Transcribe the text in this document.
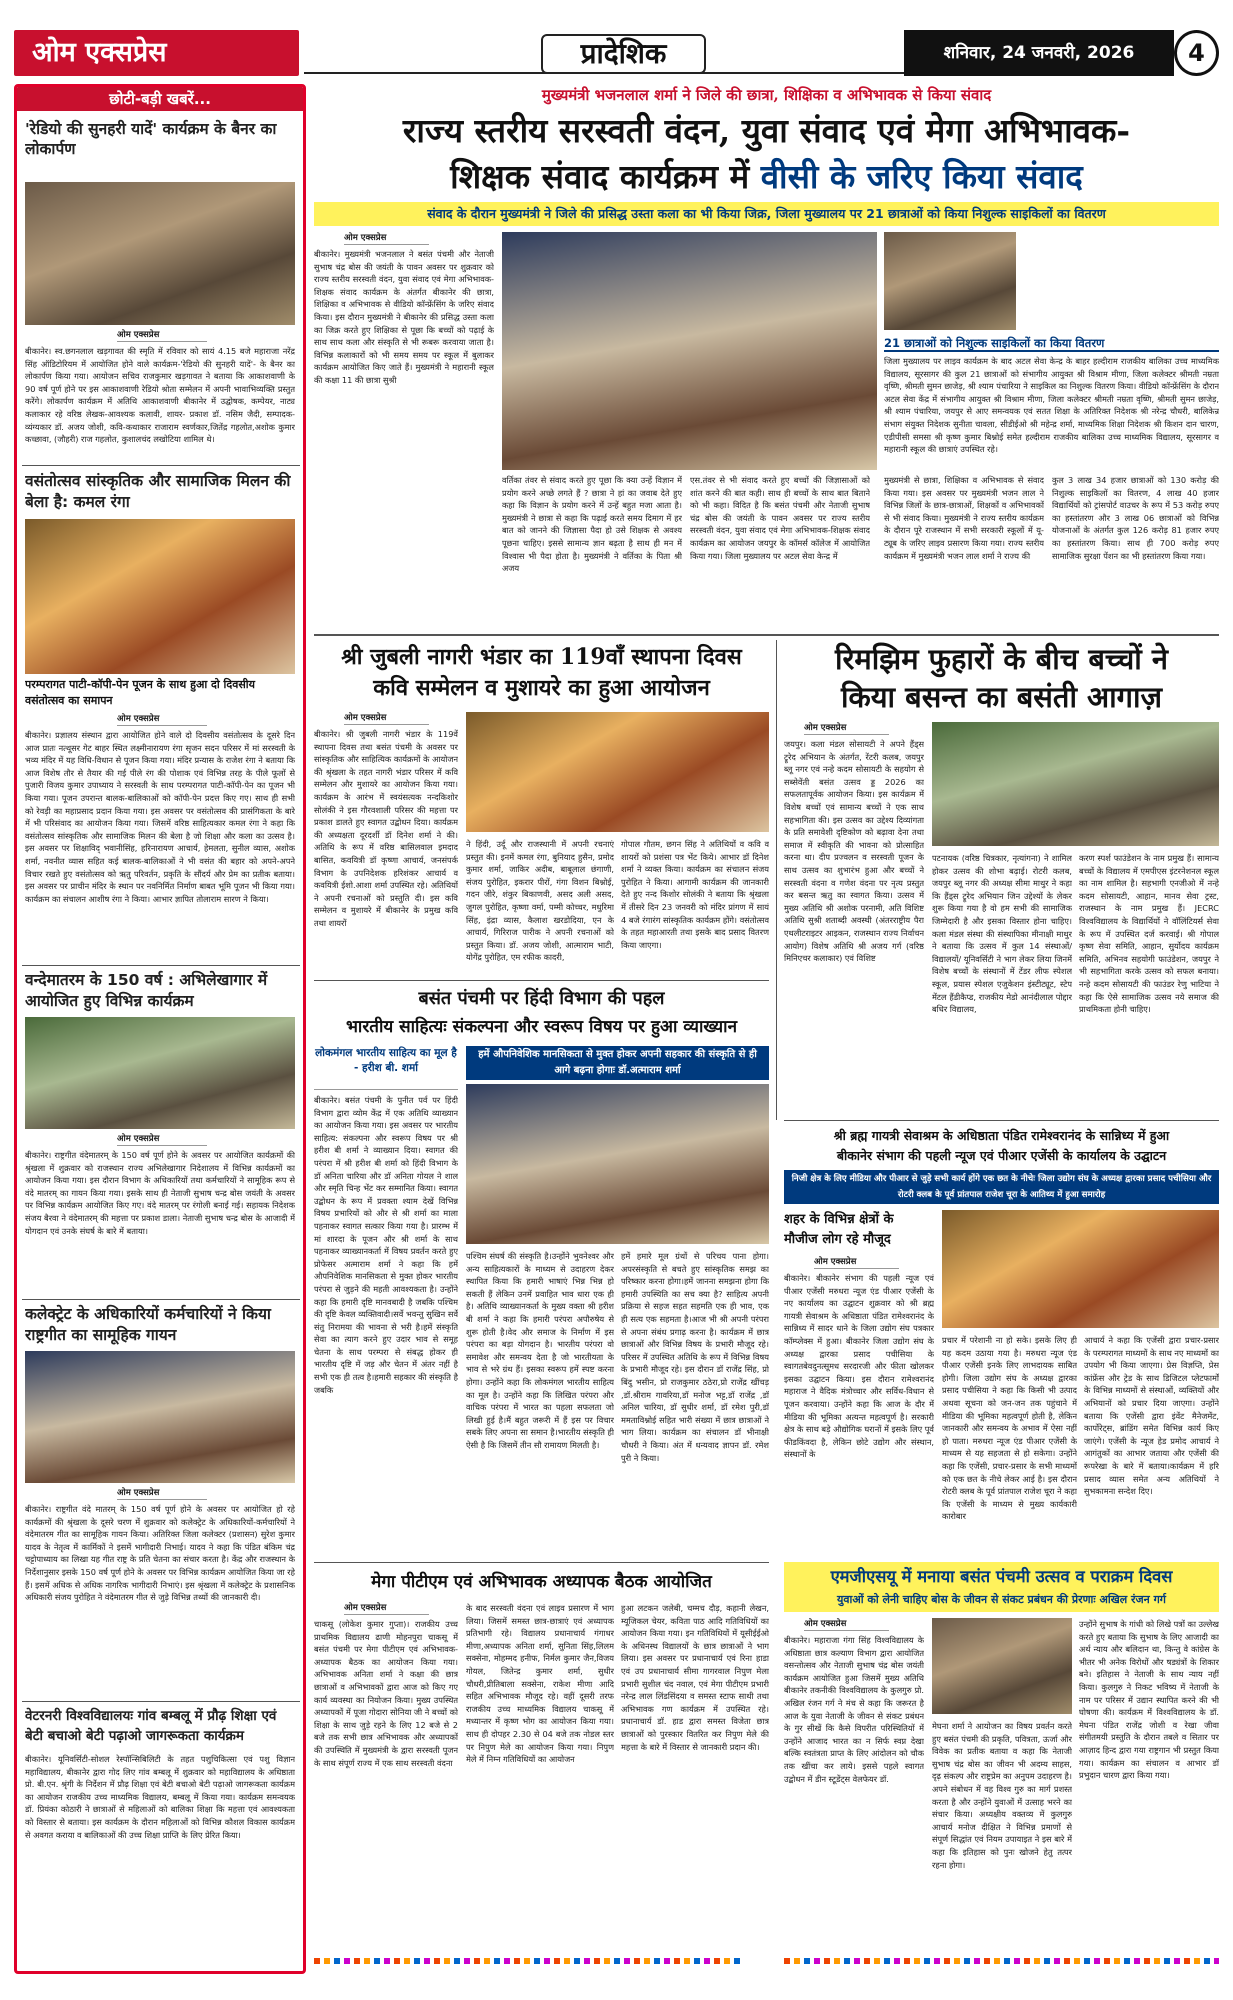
ओम एक्सप्रेस	प्रादेशिक	शनिवार, 24 जनवरी, 2026	4
छोटी-बड़ी खबरें...
'रेडियो की सुनहरी यादें' कार्यक्रम के बैनर का लोकार्पण
ओम एक्सप्रेस
बीकानेर। स्व.छगनलाल खड़गावत की स्मृति में रविवार को सायं 4.15 बजे महाराजा नरेंद्र सिंह ऑडिटोरियम में आयोजित होने वाले कार्यक्रम-'रेडियो की सुनहरी यादें'- के बैनर का लोकार्पण किया गया। आयोजन सचिव राजकुमार खड़गावत ने बताया कि आकाशवाणी के 90 वर्ष पूर्ण होने पर इस आकाशवाणी रेडियो श्रोता सम्मेलन में अपनी भावाभिव्यक्ति प्रस्तुत करेंगे। लोकार्पण कार्यक्रम में अतिथि आकाशवाणी बीकानेर में उद्घोषक, कम्पेयर, नाट्य कलाकार रहे वरिष्ठ लेखक-आवश्यक कलावी, शायर- प्रकाश डॉ. नसिम जैदी, सम्पादक-व्यंग्यकार डॉ. अजय जोशी, कवि-कथाकार राजाराम स्वर्णकार,जितेंद्र गहलोत,अशोक कुमार कच्छावा, (जौहरी) राज गहलोत, कुशालचंद लखोटिया शामिल थे।
वसंतोत्सव सांस्कृतिक और सामाजिक मिलन की बेला है: कमल रंगा
परम्परागत पाटी-कॉपी-पेन पूजन के साथ हुआ दो दिवसीय वसंतोत्सव का समापन
ओम एक्सप्रेस
बीकानेर। प्रज्ञालय संस्थान द्वारा आयोजित होने वाले दो दिवसीय वसंतोत्सव के दूसरे दिन आज प्रातः नत्थूसर गेट बाहर स्थित लक्ष्मीनारायण रंगा सृजन सदन परिसर में मां सरस्वती के भव्य मंदिर में यह विधि-विधान से पूजन किया गया। मंदिर प्रन्यास के राजेश रंगा ने बताया कि आज विशेष तौर से तैयार की गई पीले रंग की पोशाक एवं विभिन्न तरह के पीले फूलों से पुजारी विजय कुमार उपाध्याय ने सरस्वती के साथ परम्परागत पाटी-कॉपी-पेन का पूजन भी किया गया। पूजन उपरान्त बालक-बालिकाओं को कॉपी-पेन प्रदत्त किए गए। साथ ही सभी को रेवड़ी का महाप्रसाद प्रदान किया गया। इस अवसर पर वसंतोत्सव की प्रासंगिकता के बारे में भी परिसंवाद का आयोजन किया गया। जिसमें वरिष्ठ साहित्यकार कमल रंगा ने कहा कि वसंतोत्सव सांस्कृतिक और सामाजिक मिलन की बेला है जो शिक्षा और कला का उत्सव है। इस अवसर पर शिक्षाविद् भवानीसिंह, हरिनारायण आचार्य, हेमलता, सुनील व्यास, अशोक शर्मा, नवनीत व्यास सहित कई बालक-बालिकाओं ने भी वसंत की बहार को अपने-अपने विचार रखते हुए वसंतोत्सव को ऋतु परिवर्तन, प्रकृति के सौंदर्य और प्रेम का प्रतीक बताया। इस अवसर पर प्राचीन मंदिर के स्थान पर नवनिर्मित निर्माण बाबत भूमि पूजन भी किया गया। कार्यक्रम का संचालन आशीष रंगा ने किया। आभार ज्ञापित तोलाराम सारण ने किया।
वन्देमातरम के 150 वर्ष : अभिलेखागार में आयोजित हुए विभिन्न कार्यक्रम
ओम एक्सप्रेस
बीकानेर। राष्ट्रगीत वंदेमातरम् के 150 वर्ष पूर्ण होने के अवसर पर आयोजित कार्यक्रमों की श्रृंखला में शुक्रवार को राजस्थान राज्य अभिलेखागार निदेशालय में विभिन्न कार्यक्रमों का आयोजन किया गया। इस दौरान विभाग के अधिकारियों तथा कर्मचारियों ने सामूहिक रूप से वंदे मातरम् का गायन किया गया। इसके साथ ही नेताजी सुभाष चन्द्र बोस जयंती के अवसर पर विभिन्न कार्यक्रम आयोजित किए गए। वंदे मातरम् पर रंगोली बनाई गई। सहायक निदेशक संजय बैरवा ने वंदेमातरम् की महत्ता पर प्रकाश डाला। नेताजी सुभाष चन्द्र बोस के आजादी में योगदान एवं उनके संघर्ष के बारे में बताया।
कलेक्ट्रेट के अधिकारियों कर्मचारियों ने किया राष्ट्रगीत का सामूहिक गायन
ओम एक्सप्रेस
बीकानेर। राष्ट्रगीत वंदे मातरम् के 150 वर्ष पूर्ण होने के अवसर पर आयोजित हो रहे कार्यक्रमों की श्रृंखला के दूसरे चरण में शुक्रवार को कलेक्ट्रेट के अधिकारियों-कर्मचारियों ने वंदेमातरम गीत का सामूहिक गायन किया। अतिरिक्त जिला कलेक्टर (प्रशासन) सुरेश कुमार यादव के नेतृत्व में कार्मिकों ने इसमें भागीदारी निभाई। यादव ने कहा कि पंडित बंकिम चंद्र चट्टोपाध्याय का लिखा यह गीत राष्ट्र के प्रति चेतना का संचार करता है। केंद्र और राजस्थान के निर्देशानुसार इसके 150 वर्ष पूर्ण होने के अवसर पर विभिन्न कार्यक्रम आयोजित किया जा रहे हैं। इसमें अधिक से अधिक नागरिक भागीदारी निभाएं। इस श्रृंखला में कलेक्ट्रेट के प्रशासनिक अधिकारी संजय पुरोहित ने वंदेमातरम गीत से जुड़े विभिन्न तथ्यों की जानकारी दी।
वेटरनरी विश्वविद्यालयः गांव बम्बलू में प्रौढ़ शिक्षा एवं बेटी बचाओ बेटी पढ़ाओ जागरूकता कार्यक्रम
बीकानेर। यूनिवर्सिटी-सोशल रेस्पॉन्सिबिलिटी के तहत पशुचिकित्सा एवं पशु विज्ञान महाविद्यालय, बीकानेर द्वारा गोद लिए गांव बम्बलू में शुक्रवार को महाविद्यालय के अधिष्ठाता प्रो. बी.एन. श्रृंगी के निर्देशन में प्रौढ़ शिक्षा एवं बेटी बचाओ बेटी पढ़ाओ जागरूकता कार्यक्रम का आयोजन राजकीय उच्च माध्यमिक विद्यालय, बम्बलू में किया गया। कार्यक्रम समन्वयक डॉ. प्रियंका कोठारी ने छात्राओं से महिलाओं को बालिका शिक्षा कि महत्ता एवं आवश्यकता को विस्तार से बताया। इस कार्यक्रम के दौरान महिलाओं को विभिन्न कौशल विकास कार्यक्रम से अवगत कराया व बालिकाओं की उच्च शिक्षा प्राप्ति के लिए प्रेरित किया।
मुख्यमंत्री भजनलाल शर्मा ने जिले की छात्रा, शिक्षिका व अभिभावक से किया संवाद
राज्य स्तरीय सरस्वती वंदन, युवा संवाद एवं मेगा अभिभावक-
शिक्षक संवाद कार्यक्रम में वीसी के जरिए किया संवाद
संवाद के दौरान मुख्यमंत्री ने जिले की प्रसिद्ध उस्ता कला का भी किया जिक्र, जिला मुख्यालय पर 21 छात्राओं को किया निशुल्क साइकिलों का वितरण
ओम एक्सप्रेस
बीकानेर। मुख्यमंत्री भजनलाल ने बसंत पंचमी और नेताजी सुभाष चंद्र बोस की जयंती के पावन अवसर पर शुक्रवार को राज्य स्तरीय सरस्वती वंदन, युवा संवाद एवं मेगा अभिभावक-शिक्षक संवाद कार्यक्रम के अंतर्गत बीकानेर की छात्रा, शिक्षिका व अभिभावक से वीडियो कॉन्फ्रेंसिंग के जरिए संवाद किया। इस दौरान मुख्यमंत्री ने बीकानेर की प्रसिद्ध उस्ता कला का जिक्र करते हुए शिक्षिका से पूछा कि बच्चों को पढ़ाई के साथ साथ कला और संस्कृति से भी रूबरू करवाया जाता है। विभिन्न कलाकारों को भी समय समय पर स्कूल में बुलाकर कार्यक्रम आयोजित किए जाते हैं। मुख्यमंत्री ने महारानी स्कूल की कक्षा 11 की छात्रा सुश्री
21 छात्राओं को निशुल्क साइकिलों का किया वितरण
जिला मुख्यालय पर लाइव कार्यक्रम के बाद अटल सेवा केन्द्र के बाहर हल्दीराम राजकीय बालिका उच्च माध्यमिक विद्यालय, सूरसागर की कुल 21 छात्राओं को संभागीय आयुक्त श्री विश्राम मीणा, जिला कलेक्टर श्रीमती नम्रता वृष्णि, श्रीमती सुमन छाजेड़, श्री श्याम पंचारिया ने साइकिल का निशुल्क वितरण किया। वीडियो कॉन्फ्रेंसिंग के दौरान अटल सेवा केंद्र में संभागीय आयुक्त श्री विश्राम मीणा, जिला कलेक्टर श्रीमती नम्रता वृष्णि, श्रीमती सुमन छाजेड़, श्री श्याम पंचारिया, जयपुर से आए समन्वयक एवं सतत शिक्षा के अतिरिक्त निदेशक श्री नरेन्द्र चौधरी, बालिकेन्र संभाग संयुक्त निदेशक सुनीता चावला, सीडीईओ श्री महेन्द्र शर्मा, माध्यमिक शिक्षा निदेशक श्री किशन दान चारण, एडीपीसी समसा श्री कृष्ण कुमार बिश्नोई समेत हल्दीराम राजकीय बालिका उच्च माध्यमिक विद्यालय, सूरसागर व महारानी स्कूल की छात्राएं उपस्थित रहे।
वर्तिका तंवर से संवाद करते हुए पूछा कि क्या उन्हें विज्ञान में प्रयोग करने अच्छे लगते हैं ? छात्रा ने हां का जवाब देते हुए कहा कि विज्ञान के प्रयोग करने में उन्हें बहुत मजा आता है। मुख्यमंत्री ने छात्रा से कहा कि पढ़ाई करते समय दिमाग में हर बात को जानने की जिज्ञासा पैदा हो उसे शिक्षक से अवश्य पूछना चाहिए। इससे सामान्य ज्ञान बढ़ता है साथ ही मन में विश्वास भी पैदा होता है। मुख्यमंत्री ने वर्तिका के पिता श्री अजय
एस.तंवर से भी संवाद करते हुए बच्चों की जिज्ञासाओं को शांत करने की बात कही। साथ ही बच्चों के साथ बात बिताने को भी कहा। विदित है कि बसंत पंचमी और नेताजी सुभाष चंद्र बोस की जयंती के पावन अवसर पर राज्य स्तरीय सरस्वती वंदन, युवा संवाद एवं मेगा अभिभावक-शिक्षक संवाद कार्यक्रम का आयोजन जयपुर के कॉमर्स कॉलेज में आयोजित किया गया। जिला मुख्यालय पर अटल सेवा केन्द्र में
मुख्यमंत्री से छात्रा, शिक्षिका व अभिभावक से संवाद किया गया। इस अवसर पर मुख्यमंत्री भजन लाल ने विभिन्न जिलों के छात्र-छात्राओं, शिक्षकों व अभिभावकों से भी संवाद किया। मुख्यमंत्री ने राज्य स्तरीय कार्यक्रम के दौरान पूरे राजस्थान में सभी सरकारी स्कूलों में यू-ट्यूब के जरिए लाइव प्रसारण किया गया। राज्य स्तरीय कार्यक्रम में मुख्यमंत्री भजन लाल शर्मा ने राज्य की
कुल 3 लाख 34 हजार छात्राओं को 130 करोड़ की निशुल्क साइकिलों का वितरण, 4 लाख 40 हजार विद्यार्थियों को ट्रांसपोर्ट वाउचर के रूप में 53 करोड़ रुपए का हस्तांतरण और 3 लाख 06 छात्राओं को विभिन्न योजनाओं के अंतर्गत कुल 126 करोड़ 81 हजार रुपए का हस्तांतरण किया। साथ ही 700 करोड़ रुपए सामाजिक सुरक्षा पेंशन का भी हस्तांतरण किया गया।
श्री जुबली नागरी भंडार का 119वाँ स्थापना दिवस
कवि सम्मेलन व मुशायरे का हुआ आयोजन
ओम एक्सप्रेस
बीकानेर। श्री जुबली नागरी भंडार के 119वें स्थापना दिवस तथा बसंत पंचमी के अवसर पर सांस्कृतिक और साहित्यिक कार्यक्रमों के आयोजन की श्रृंखला के तहत नागरी भंडार परिसर में कवि सम्मेलन और मुशायरे का आयोजन किया गया। कार्यक्रम के आरंभ में स्वयंसत्यक नन्दकिशोर सोलंकी ने इस गौरवशाली परिसर की महत्ता पर प्रकाश डालते हुए स्वागत उद्बोधन दिया। कार्यक्रम की अध्यक्षता दूरदर्शी डॉ दिनेश शर्मा ने की। अतिथि के रूप में वरिष्ठ बासिलवाल इमदाद बासित, कवयित्री डॉ कृष्णा आचार्य, जनसंपर्क विभाग के उपनिदेशक हरिशंकर आचार्य व कवयित्री ईशो.आशा शर्मा उपस्थित रहे। अतिथियों ने अपनी रचनाओं को प्रस्तुति दी। इस कवि सम्मेलन व मुशायरे में बीकानेर के प्रमुख कवि तथा शायरों
ने हिंदी, उर्दू और राजस्थानी में अपनी रचनाएं प्रस्तुत की। इनमें कमल रंगा, बुनियाद हुसैन, प्रमोद कुमार शर्मा, जाकिर अदीब, बाबूलाल छंगाणी, संजय पुरोहित, इकरार पीरों, गंगा विशन बिश्नोई, गदन जीरे, शंकुर बिकाणवी, असद अली असद, जुगल पुरोहित, कृष्णा वर्मा, पम्मी कोच्चर, मधुरिमा सिंह, इंद्रा व्यास, कैलाश खरडोदिया, एन के आचार्य, गिरिराज पारीक ने अपनी रचनाओं को प्रस्तुत किया। डॉ. अजय जोशी, आत्माराम भाटी, योगेंद्र पुरोहित, एम रफीक कादरी,
गोपाल गौतम, छगन सिंह ने अतिथियों व कवि व शायरों को प्रशंसा पत्र भेंट किये। आभार डॉ दिनेश शर्मा ने व्यक्त किया। कार्यक्रम का संचालन संजय पुरोहित ने किया। आगामी कार्यक्रम की जानकारी देते हुए नन्द किशोर सोलंकी ने बताया कि श्रृंखला में तीसरे दिन 23 जनवरी को मंदिर प्रांगण में सायं 4 बजे रंगारंग सांस्कृतिक कार्यक्रम होंगे। वसंतोत्सव के तहत महाआरती तथा इसके बाद प्रसाद वितरण किया जाएगा।
रिमझिम फुहारों के बीच बच्चों ने
किया बसन्त का बसंती आगाज़
ओम एक्सप्रेस
जयपुर। कला मंडल सोसायटी ने अपने हैंड्स ट्रूरेद अभियान के अंतर्गत, रेंटरी कलब, जयपुर ब्लू नगर एवं नन्हे कदम सोसायटी के सहयोग से सब्सेवेंती बसंत उत्सव ड्ड 2026 का सफलतापूर्वक आयोजन किया। इस कार्यक्रम में विशेष बच्चों एवं सामान्य बच्चों ने एक साथ सहभागिता की। इस उत्सव का उद्देश्य दिव्यांगता के प्रति समावेशी दृष्टिकोण को बढ़ावा देना तथा समाज में स्वीकृति की भावना को प्रोत्साहित करना था। दीप प्रज्वलन व सरस्वती पूजन के साथ उत्सव का शुभारंभ हुआ और बच्चों ने सरस्वती वंदना व गणेश वंदना पर नृत्य प्रस्तुत कर बसन्त ऋतु का स्वागत किया। उत्सव में मुख्य अतिथि श्री अशोक परनामी, अति विशिष्ट अतिथि सुश्री शताब्दी अवस्थी (अंतरराष्ट्रीय पैरा एथलीटराइटर आइकन, राजस्थान राज्य निर्वाचन आयोग) विशेष अतिथि श्री अजय गर्ग (वरिष्ठ मिनिएचर कलाकार) एवं विशिष्ट
पटनायक (वरिष्ठ चित्रकार, नृत्यांगना) ने शामिल होकर उत्सव की शोभा बढ़ाई। रोटरी कलब, जयपुर ब्लू नगर की अध्यक्ष सीमा माथुर ने कहा कि हैंड्स ट्रूरेद अभियान जिन उद्देश्यों के लेकर शुरू किया गया है वो हम सभी की सामाजिक जिम्मेदारी है और इसका विस्तार होना चाहिए। कला मंडल संस्था की संस्थापिका मीनाक्षी माथुर ने बताया कि उत्सव में कुल 14 संस्थाओं/ विद्यालयों/ यूनिवर्सिटी ने भाग लेकर लिया जिनमें विशेष बच्चों के संस्थानों में टेंडर लीफ स्पेशल स्कूल, प्रयास स्पेशल एजुकेशन इंस्टीट्यूट, स्टेप मेंटल हैंडीकैप्ड, राजकीय मेडो आनंदीलाल पोद्दार बधिर विद्यालय,
करण स्पर्श फाउंडेशन के नाम प्रमुख हैं। सामान्य बच्चों के विद्यालय में एमपीएस इंटरनेशनल स्कूल का नाम शामिल है। सहभागी एनजीओ में नन्हे कदम सोसायटी, आहान, मानव सेवा ट्रस्ट, राजस्थान के नाम प्रमुख हैं। JECRC विश्वविद्यालय के विद्यार्थियों ने वॉलिंटियर्स सेवा के रूप में उपस्थित दर्ज करवाई। श्री गोपाल कृष्ण सेवा समिति, आहान, सुर्योदय कार्यक्रम समिति, अभिनव सहयोगी फाउंडेशन, जयपुर ने भी सहभागिता करके उत्सव को सफल बनाया। नन्हे कदम सोसायटी की फाउंडर रेणु भाटिया ने कहा कि ऐसे सामाजिक उत्सव नये समाज की प्राथमिकता होनी चाहिए।
बसंत पंचमी पर हिंदी विभाग की पहल
भारतीय साहित्यः संकल्पना और स्वरूप विषय पर हुआ व्याख्यान
लोकमंगल भारतीय साहित्य का मूल है - हरीश बी. शर्मा
बीकानेर। बसंत पंचमी के पुनीत पर्व पर हिंदी विभाग द्वारा व्योम केंद्र में एक अतिथि व्याख्यान का आयोजन किया गया। इस अवसर पर भारतीय साहित्य: संकल्पना और स्वरूप विषय पर श्री हरीश बी शर्मा ने व्याख्यान दिया। स्वागत की परंपरा में श्री हरीश बी शर्मा को हिंदी विभाग के डॉ अनिता चारिया और डॉ अनिता गोयल ने शाल और स्मृति चिन्ह भेंट कर सम्मानित किया। स्वागत उद्बोधन के रूप में प्रवक्ता श्याम देखें विभिन्न विषय प्रभारियों को और से श्री शर्मा का माला पहनाकर स्वागत सत्कार किया गया है। प्रारम्भ में मां शारदा के पूजन और श्री शर्मा के साथ पहनाकर व्याख्यानकर्ता में विषय प्रवर्तन करते हुए प्रोफेसर अत्माराम शर्मा ने कहा कि हमें औपनिवेशिक मानसिकता से मुक्त होकर भारतीय परंपरा से जुड़ने की महती आवश्यकता है। उन्होंने कहा कि हमारी दृष्टि मानवबादी है जबकि पश्चिम की दृष्टि केवल व्यक्तिवादी।सर्वे भवन्तु सुखिन सर्वे संतु निरामया की भावना से भरी है।हमें संस्कृति सेवा का त्याग करने हुए उदार भाव से समूह चेतना के साथ परम्परा से संबद्ध होकर ही भारतीय दृष्टि में जड़ और चेतन में अंतर नहीं है सभी एक ही तत्व है।हमारी सहकार की संस्कृति है जबकि
हमें औपनिवेशिक मानसिकता से मुक्त होकर अपनी सहकार की संस्कृति से ही आगे बढ़ना होगाः डॉ.अत्माराम शर्मा
पश्चिम संघर्ष की संस्कृति है।उन्होंने भुवनेश्वर और अन्य साहित्यकारों के माध्यम से उदाहरण देकर स्थापित किया कि हमारी भाषाएं भिन्न भिन्न हो सकती हैं लेकिन उनमें प्रवाहित भाव धारा एक ही है। अतिथि व्याख्यानकर्ता के मुख्य वक्ता श्री हरीश बी शर्मा ने कहा कि हमारी परंपरा अपौरुषेय से शुरू होती है।वेद और समाज के निर्माण में इस परंपरा का बड़ा योगदान है। भारतीय परंपरा वो समावेश और समन्वय देता है जो भारतीयता के भाव से भरे ग्रंथ हैं। इसका स्वरूप हमें स्पष्ट करना होगा। उन्होंने कहा कि लोकमंगल भारतीय साहित्य का मूल है। उन्होंने कहा कि लिखित परंपरा और वाचिक परंपरा में भारत का पहला सफलता जो लिखी हुई है।मैं बहुत जरूरी में हैं इस पर विचार सबके लिए अपना सा समान है।भारतीय संस्कृति ही ऐसी है कि जिसमें तीन सौ रामायण मिलती है।
हमें हमारे मूल ग्रंथों से परिचय पाना होगा। अपरसंस्कृति से बचते हुए सांस्कृतिक समझ का परिष्कार करना होगा।हमें जानना समझना होगा कि हमारी उपस्थिति का सच क्या है? साहित्य अपनी प्रक्रिया से सहज सहत सहमति एक ही भाव, एक ही सत्य एक सहमता है।आज भी श्री अपनी परंपरा से अपना संबंध प्रगाढ़ करना है। कार्यक्रम में छात्र छात्राओं और विभिन्न विषय के प्रभारी मौजूद रहे। परिसर में उपस्थित अतिथि के रूप में विभिन्न विषय के प्रभारी मौजूद रहे। इस दौरान डॉ राजेंद्र सिंह, प्रो बिंदु भसीन, प्रो राजकुमार ठठेरा,प्रो राजेंद्र खींचड़ ,डॉ.श्रीराम गावरिया,डॉ मनोज भट्ट,डॉ राजेंद्र ,डॉ अनिल चारिया, डॉ सुधीर शर्मा, डॉ रमेश पुरी,डॉ ममताविश्नोई सहित भारी संख्या में छात्र छात्राओं ने भाग लिया। कार्यक्रम का संचालन डॉ भीनाक्षी चौधरी ने किया। अंत में धन्यवाद ज्ञापन डॉ. रमेश पुरी ने किया।
श्री ब्रह्म गायत्री सेवाश्रम के अधिष्ठाता पंडित रामेश्वरानंद के सान्निध्य में हुआ
बीकानेर संभाग की पहली न्यूज एवं पीआर एजेंसी के कार्यालय के उद्घाटन
निजी क्षेत्र के लिए मीडिया और पीआर से जुड़े सभी कार्य होंगे एक छत के नीचेः जिला उद्योग संघ के अध्यक्ष द्वारका प्रसाद पचीसिया और रोटरी क्लब के पूर्व प्रांतपाल राजेश चूरा के आतिथ्य में हुआ समारोह
शहर के विभिन्न क्षेत्रों के
मौजीज लोग रहे मौजूद
ओम एक्सप्रेस
बीकानेर। बीकानेर संभाग की पहली न्यूज एवं पीआर एजेंसी मरुधरा न्यूज एंड पीआर एजेंसी के नए कार्यालय का उद्घाटन शुक्रवार को श्री ब्रह्म गायत्री सेवाश्रम के अधिष्ठाता पंडित रामेश्वरानंद के सान्निध्य में सादर धाने के जिला उद्योग संघ पत्रकार कॉम्प्लेक्स में हुआ। बीकानेर जिला उद्योग संघ के अध्यक्ष द्वारका प्रसाद पचीसिया के स्वागतबेवदुनत्सूमध सरदारजी और फीता खोलकर इसका उद्घाटन किया। इस दौरान रामेश्वरानंद महाराज ने वैदिक मंत्रोच्चार और सर्विध-विधान से पूजन करवाया। उन्होंने कहा कि आज के दौर में मीडिया की भूमिका अत्यन्त महत्वपूर्ण है। सरकारी क्षेत्र के साथ बड़े औद्योगिक घरानों में इसके लिए पूर्व फीडकिंवदा है, लेकिन छोटे उद्योग और संस्थान, संस्थानों के
प्रचार में परेशानी ना हो सके। इसके लिए ही यह कदम उठाया गया है। मरुधरा न्यूज एंड पीआर एजेंसी इनके लिए लाभदायक साबित होगी। जिला उद्योग संघ के अध्यक्ष द्वारका प्रसाद पचीसिया ने कहा कि किसी भी उत्पाद अथवा सूचना को जन-जन तक पहुंचाने में मीडिया की भूमिका महत्वपूर्ण होती है, लेकिन जानकारी और समन्वय के अभाव में ऐसा नहीं हो पाता। मरुधरा न्यूज एंड पीआर एजेंसी के माध्यम से यह सहजता से हो सकेगा। उन्होंने कहा कि एजेंसी, प्रचार-प्रसार के सभी माध्यमों को एक छत के नीचे लेकर आई है। इस दौरान रोटरी क्लब के पूर्व प्रांतपाल राजेश चूरा ने कहा कि एजेंसी के माध्यम से मुख्य कार्यकारी कारोबार
आचार्य ने कहा कि एजेंसी द्वारा प्रचार-प्रसार के परम्परागत माध्यमों के साथ नए माध्यमों का उपयोग भी किया जाएगा। प्रेस विज्ञप्ति, प्रेस कांफ्रेंस और ट्रेड के साथ डिजिटल प्लेटफार्मों के विभिन्न माध्यमों से संस्थाओं, व्यक्तियों और अभियानों को प्रचार दिया जाएगा। उन्होंने बताया कि एजेंसी द्वारा इंवेंट मैनेजमेंट, कार्पोरेट्स, ब्रांडिंग समेत विभिन्न कार्य किए जाएंगे। एजेंसी के न्यूज हेड प्रमोद आचार्य ने आगंतुकों का आभार जताया और एजेंसी की रूपरेखा के बारे में बताया।कार्यक्रम में हरि प्रसाद व्यास समेत अन्य अतिथियों ने सुभकामना सन्देश दिए।
मेगा पीटीएम एवं अभिभावक अध्यापक बैठक आयोजित
ओम एक्सप्रेस
चाकसू (लोकेश कुमार गुप्ता)। राजकीय उच्च प्राथमिक विद्यालय ढाणी मोहनपुरा चाकसू में बसंत पंचमी पर मेगा पीटीएम एवं अभिभावक-अध्यापक बैठक का आयोजन किया गया। अभिभावक अनिता शर्मा ने कक्षा की छात्र छात्राओं व अभिभावकों द्वारा आज को किए गए कार्य व्यवस्था का नियोजन किया। मुख्य उपस्थित अध्यापकों में पूजा गोदारा सोनिया जी ने बच्चों को शिक्षा के साथ जुड़े रहने के लिए 12 बजे से 2 बजे तक सभी छात्र अभिभावक और अध्यापकों की उपस्थिति में मुख्यमंत्री के द्वारा सरस्वती पूजन के साथ संपूर्ण राज्य में एक साथ सरस्वती वंदना
के बाद सरस्वती वंदना एवं लाइव प्रसारण में भाग लिया। जिसमें समस्त छात्र-छात्राएं एवं अध्यापक प्रतिभागी रहे। विद्यालय प्रधानाचार्य गंगाधर मीणा,अध्यापक अनिता शर्मा, सुनिता सिंह,लिलम सक्सेना, मोहम्मद हनीफ, निर्मल कुमार जैन,विजय गोयल, जितेन्द्र कुमार शर्मा, सुधीर चौधरी,प्रीतिबाला सक्सेना, राकेश मीणा आदि सहित अभिभावक मौजूद रहे। वहीं दूसरी तरफ राजकीय उच्च माध्यमिक विद्यालय चाकसू में मध्यान्तर में कृष्ण भोग का आयोजन किया गया। साथ ही दोपहर 2.30 से 04 बजे तक नोडल स्तर पर निपुण मेले का आयोजन किया गया। निपुण मेले में निम्न गतिविधियों का आयोजन
हुआ लटकन जलेबी, चम्मच दौड़, कहानी लेखन, म्यूजिकल चेयर, कविता पाठ आदि गतिविधियों का आयोजन किया गया। इन गतिविधियों में यूसीईईओ के अधिनस्थ विद्यालयों के छात्र छात्राओं ने भाग लिया। इस अवसर पर प्रधानाचार्य एवं रिना हाडा एवं उप प्रधानाचार्य सीमा गागरवाल निपुण मेला प्रभारी सुशील चंद नवाल, एवं मेगा पीटीएम प्रभारी नरेन्द्र लाल लिंडसिंदया व समस्त स्टाफ साथी तथा अभिभावक गण कार्यक्रम में उपस्थित रहे।प्रधानाचार्य डॉ. हाड द्वारा समस्त विजेता छात्र छात्राओं को पुरस्कार वितरित कर निपुण मेले की महत्ता के बारे में विस्तार से जानकारी प्रदान की।
एमजीएसयू में मनाया बसंत पंचमी उत्सव व पराक्रम दिवस
युवाओं को लेनी चाहिए बोस के जीवन से संकट प्रबंधन की प्रेरणाः अखिल रंजन गर्ग
ओम एक्सप्रेस
बीकानेर। महाराजा गंगा सिंह विश्वविद्यालय के अधिष्ठाता छात्र कल्याण विभाग द्वारा आयोजित वसन्तोत्सव और नेताजी सुभाष चंद्र बोस जयंती कार्यक्रम आयोजित हुआ जिसमें मुख्य अतिथि बीकानेर तकनीकी विश्वविद्यालय के कुलगुरु प्रो. अखिल रंजन गर्ग ने मंच से कहा कि जरूरत है आज के युवा नेताजी के जीवन से संकट प्रबंधन के गुर सीखें कि कैसे विपरीत परिस्थितियों में उन्होंने आजाद भारत का न सिर्फ स्वप्न देखा बल्कि स्वतंत्रता प्राप्त के लिए आंदोलन को चौक तक खींचा कर लाये। इससे पहले स्वागत उद्बोधन में डीन स्टूडेंट्स वेलफेयर डॉ.
मेघना शर्मा ने आयोजन का विषय प्रवर्तन करते हुए बसंत पंचमी की प्रकृति, पवित्रता, ऊर्जा और विवेक का प्रतीक बताया व कहा कि नेताजी सुभाष चंद्र बोस का जीवन भी अदम्य साहस, दृढ़ संकल्प और राष्ट्रप्रेम का अनुपम उदाहरण है। अपने संबोधन में वह विश्व गुरु का मार्ग प्रशस्त करता है और उन्होंने युवाओं में उत्साह भरने का संचार किया। अध्यक्षीय वक्तव्य में कुलगुरु आचार्य मनोज दीक्षित ने विभिन्न प्रमाणों से संपूर्ण सिद्धांत एवं नियम उपायाइत ने इस बारे में कहा कि इतिहास को पुनः खोजने हेतु तत्पर रहना होगा।
उन्होंने सुभाष के गांधी को लिखे पत्रों का उल्लेख करते हुए बताया कि सुभाष के लिए आजादी का अर्थ न्याय और बलिदान था, किन्तु वे कांग्रेस के भीतर भी अनेक विरोधों और षड्यंत्रों के शिकार बने। इतिहास ने नेताजी के साथ न्याय नहीं किया। कुलगुरु ने निकट भविष्य में नेताजी के नाम पर परिसर में उद्यान स्थापित करने की भी घोषणा की। कार्यक्रम में विश्वविद्यालय के डॉ. मेघना पंडित राजेंद्र जोशी व रेखा जीवा संगीतमयी प्रस्तुति के दौरान तबले व सितार पर आज़ाद हिन्द द्वारा गया राष्ट्रगान भी प्रस्तुत किया गया। कार्यक्रम का संचालन व आभार डॉ प्रभुदान चारण द्वारा किया गया।
